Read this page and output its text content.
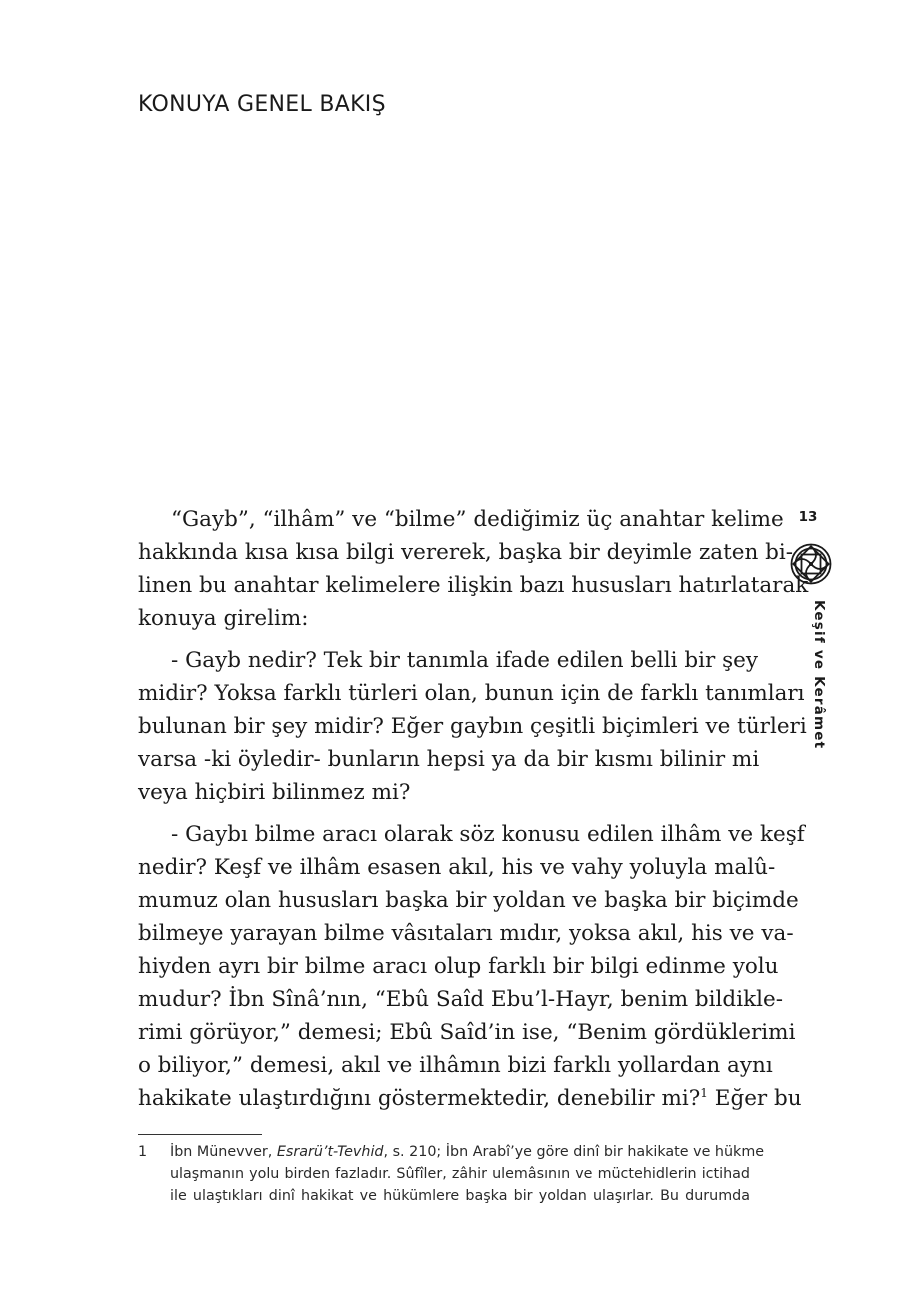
KONUYA GENEL BAKIŞ
“Gayb”, “ilhâm” ve “bilme” dediğimiz üç anahtar kelime
hakkında kısa kısa bilgi vererek, başka bir deyimle zaten bi-
linen bu anahtar kelimelere ilişkin bazı hususları hatırlatarak
konuya girelim:
- Gayb nedir? Tek bir tanımla ifade edilen belli bir şey
midir? Yoksa farklı türleri olan, bunun için de farklı tanımları
bulunan bir şey midir? Eğer gaybın çeşitli biçimleri ve türleri
varsa -ki öyledir- bunların hepsi ya da bir kısmı bilinir mi
veya hiçbiri bilinmez mi?
- Gaybı bilme aracı olarak söz konusu edilen ilhâm ve keşf
nedir? Keşf ve ilhâm esasen akıl, his ve vahy yoluyla malû-
mumuz olan hususları başka bir yoldan ve başka bir biçimde
bilmeye yarayan bilme vâsıtaları mıdır, yoksa akıl, his ve va-
hiyden ayrı bir bilme aracı olup farklı bir bilgi edinme yolu
mudur? İbn Sînâ’nın, “Ebû Saîd Ebu’l-Hayr, benim bildikle-
rimi görüyor,” demesi; Ebû Saîd’in ise, “Benim gördüklerimi
o biliyor,” demesi, akıl ve ilhâmın bizi farklı yollardan aynı
hakikate ulaştırdığını göstermektedir, denebilir mi?$^1$ Eğer bu
1 İbn Münevver, Esrarü’t-Tevhid, s. 210; İbn Arabî’ye göre dinî bir hakikate ve hükme
ulaşmanın yolu birden fazladır. Sûfîler, zâhir ulemâsının ve müctehidlerin ictihad
ile ulaştıkları dinî hakikat ve hükümlere başka bir yoldan ulaşırlar. Bu durumda
13
Keşif ve Kerâmet
